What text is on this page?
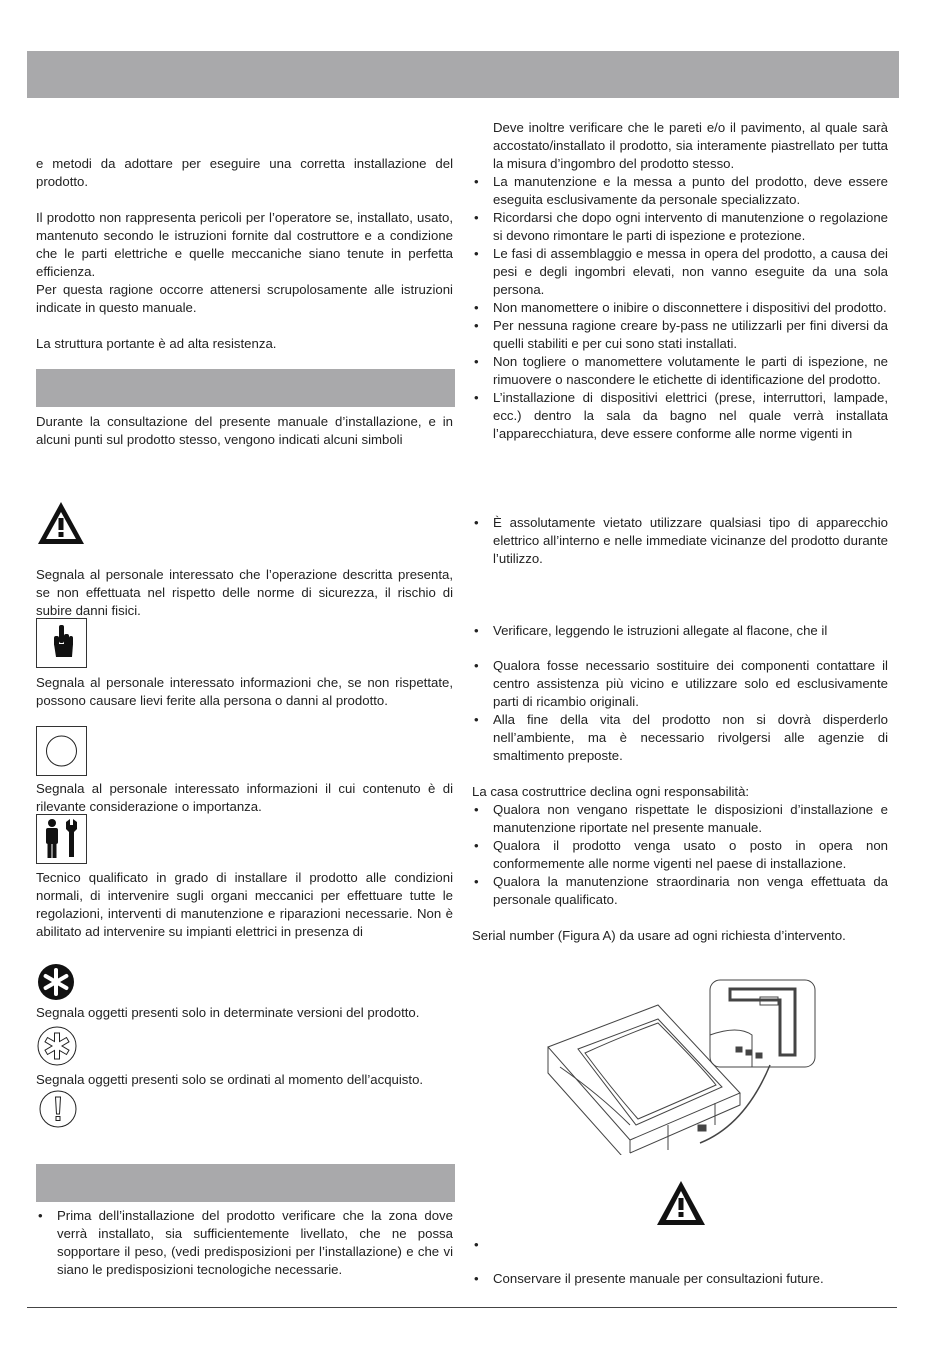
e metodi da adottare per eseguire una corretta installazione del prodotto.

Il prodotto non rappresenta pericoli per l’operatore se, installato, usato, mantenuto secondo le istruzioni fornite dal costruttore e a condizione che le parti elettriche e quelle meccaniche siano tenute in perfetta efficienza.

Per questa ragione occorre attenersi scrupolosamente alle istruzioni indicate in questo manuale.

La struttura portante è ad alta resistenza.

Durante la consultazione del presente manuale d’installazione, e in alcuni punti sul prodotto stesso, vengono indicati alcuni simboli
Segnala al personale interessato che l’operazione descritta presenta, se non effettuata nel rispetto delle norme di sicurezza, il rischio di subire danni fisici.
Segnala al personale interessato informazioni che, se non rispettate, possono causare lievi ferite alla persona o danni al prodotto.
Segnala al personale interessato informazioni il cui contenuto è di rilevante considerazione o importanza.
Tecnico qualificato in grado di installare il prodotto alle condizioni normali, di intervenire sugli organi meccanici per effettuare tutte le regolazioni, interventi di manutenzione e riparazioni necessarie. Non è abilitato ad intervenire su impianti elettrici in presenza di
Segnala oggetti presenti solo in determinate versioni del prodotto.
Segnala oggetti presenti solo se ordinati al momento dell’acquisto.
• Prima dell’installazione del prodotto verificare che la zona dove verrà installato, sia sufficientemente livellato, che ne possa sopportare il peso, (vedi predisposizioni per l’installazione) e che vi siano le predisposizioni tecnologiche necessarie.
Deve inoltre verificare che le pareti e/o il pavimento, al quale sarà accostato/installato il prodotto, sia interamente piastrellato per tutta la misura d’ingombro del prodotto stesso.
• La manutenzione e la messa a punto del prodotto, deve essere eseguita esclusivamente da personale specializzato.
• Ricordarsi che dopo ogni intervento di manutenzione o regolazione si devono rimontare le parti di ispezione e protezione.
• Le fasi di assemblaggio e messa in opera del prodotto, a causa dei pesi e degli ingombri elevati, non vanno eseguite da una sola persona.
• Non manomettere o inibire o disconnettere i dispositivi del prodotto.
• Per nessuna ragione creare by-pass ne utilizzarli per fini diversi da quelli stabiliti e per cui sono stati installati.
• Non togliere o manomettere volutamente le parti di ispezione, ne rimuovere o nascondere le etichette di identificazione del prodotto.
• L’installazione di dispositivi elettrici (prese, interruttori, lampade, ecc.) dentro la sala da bagno nel quale verrà installata l’apparecchiatura, deve essere conforme alle norme vigenti in
• È assolutamente vietato utilizzare qualsiasi tipo di apparecchio elettrico all’interno e nelle immediate vicinanze del prodotto durante l’utilizzo.
• Verificare, leggendo le istruzioni allegate al flacone, che il
• Qualora fosse necessario sostituire dei componenti contattare il centro assistenza più vicino e utilizzare solo ed esclusivamente parti di ricambio originali.
• Alla fine della vita del prodotto non si dovrà disperderlo nell’ambiente, ma è necessario rivolgersi alle agenzie di smaltimento preposte.
La casa costruttrice declina ogni responsabilità:
• Qualora non vengano rispettate le disposizioni d’installazione e manutenzione riportate nel presente manuale.
• Qualora il prodotto venga usato o posto in opera non conformemente alle norme vigenti nel paese di installazione.
• Qualora la manutenzione straordinaria non venga effettuata da personale qualificato.
Serial number (Figura A) da usare ad ogni richiesta d’intervento.
•
• Conservare il presente manuale per consultazioni future.
